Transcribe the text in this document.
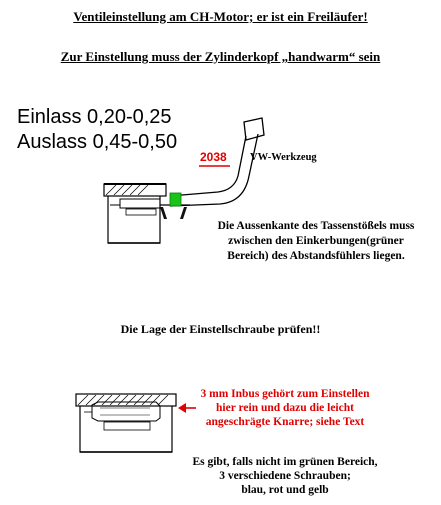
Ventileinstellung am CH-Motor; er ist ein Freiläufer!
Zur Einstellung muss der Zylinderkopf „handwarm“ sein
Einlass 0,20-0,25
Auslass 0,45-0,50
2038 VW-Werkzeug
Die Aussenkante des Tassenstößels muss
zwischen den Einkerbungen(grüner
Bereich) des Abstandsfühlers liegen.
Die Lage der Einstellschraube prüfen!!
3 mm Inbus gehört zum Einstellen
hier rein und dazu die leicht
angeschrägte Knarre; siehe Text
Es gibt, falls nicht im grünen Bereich,
3 verschiedene Schrauben;
blau, rot und gelb
